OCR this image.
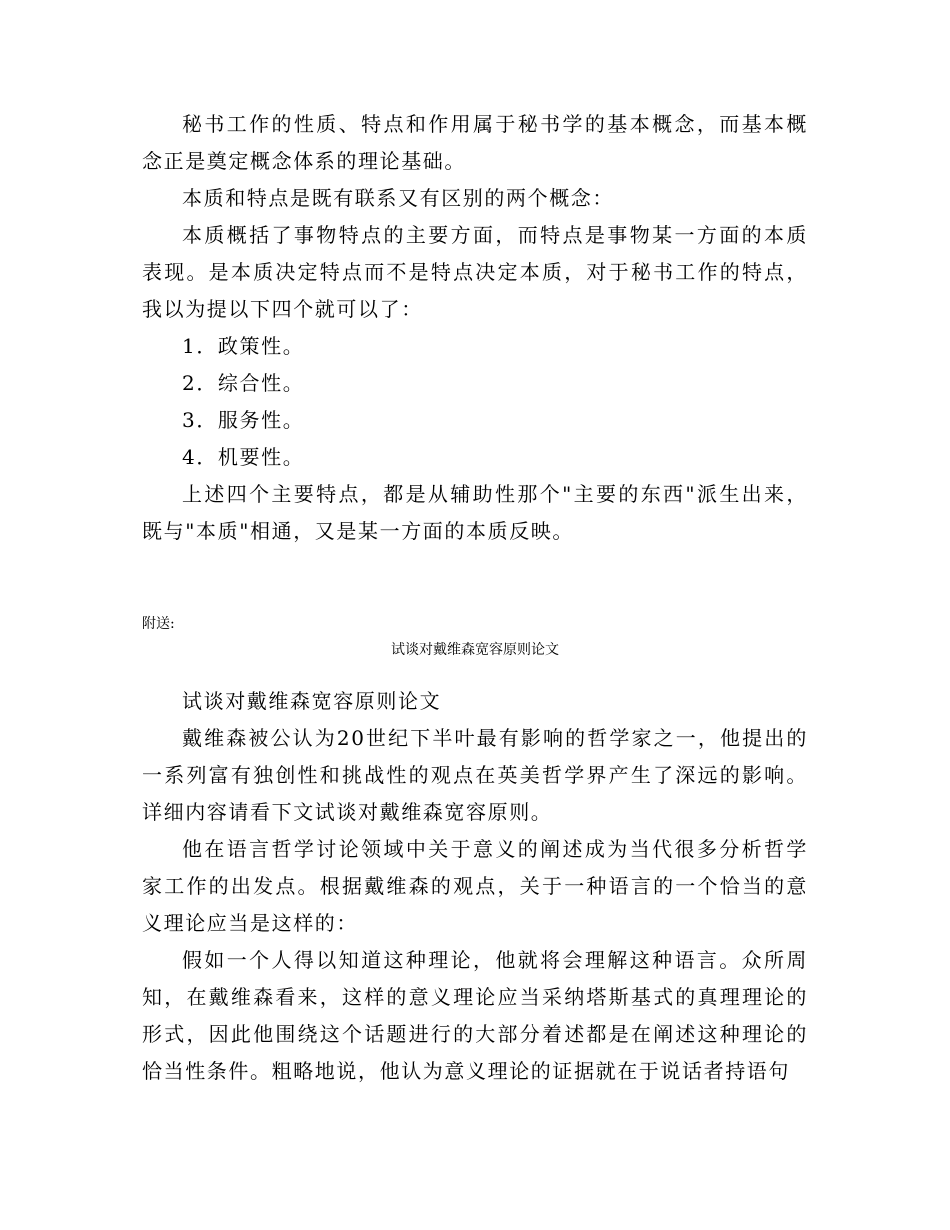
秘书工作的性质、特点和作用属于秘书学的基本概念，而基本概念正是奠定概念体系的理论基础。

本质和特点是既有联系又有区别的两个概念：

本质概括了事物特点的主要方面，而特点是事物某一方面的本质表现。是本质决定特点而不是特点决定本质，对于秘书工作的特点，我以为提以下四个就可以了：

1．政策性。

2．综合性。

3．服务性。

4．机要性。

上述四个主要特点，都是从辅助性那个"主要的东西"派生出来，既与"本质"相通，又是某一方面的本质反映。

附送:

试谈对戴维森宽容原则论文

试谈对戴维森宽容原则论文

戴维森被公认为20世纪下半叶最有影响的哲学家之一，他提出的一系列富有独创性和挑战性的观点在英美哲学界产生了深远的影响。详细内容请看下文试谈对戴维森宽容原则。

他在语言哲学讨论领域中关于意义的阐述成为当代很多分析哲学家工作的出发点。根据戴维森的观点，关于一种语言的一个恰当的意义理论应当是这样的：

假如一个人得以知道这种理论，他就将会理解这种语言。众所周知，在戴维森看来，这样的意义理论应当采纳塔斯基式的真理理论的形式，因此他围绕这个话题进行的大部分着述都是在阐述这种理论的恰当性条件。粗略地说，他认为意义理论的证据就在于说话者持语句
